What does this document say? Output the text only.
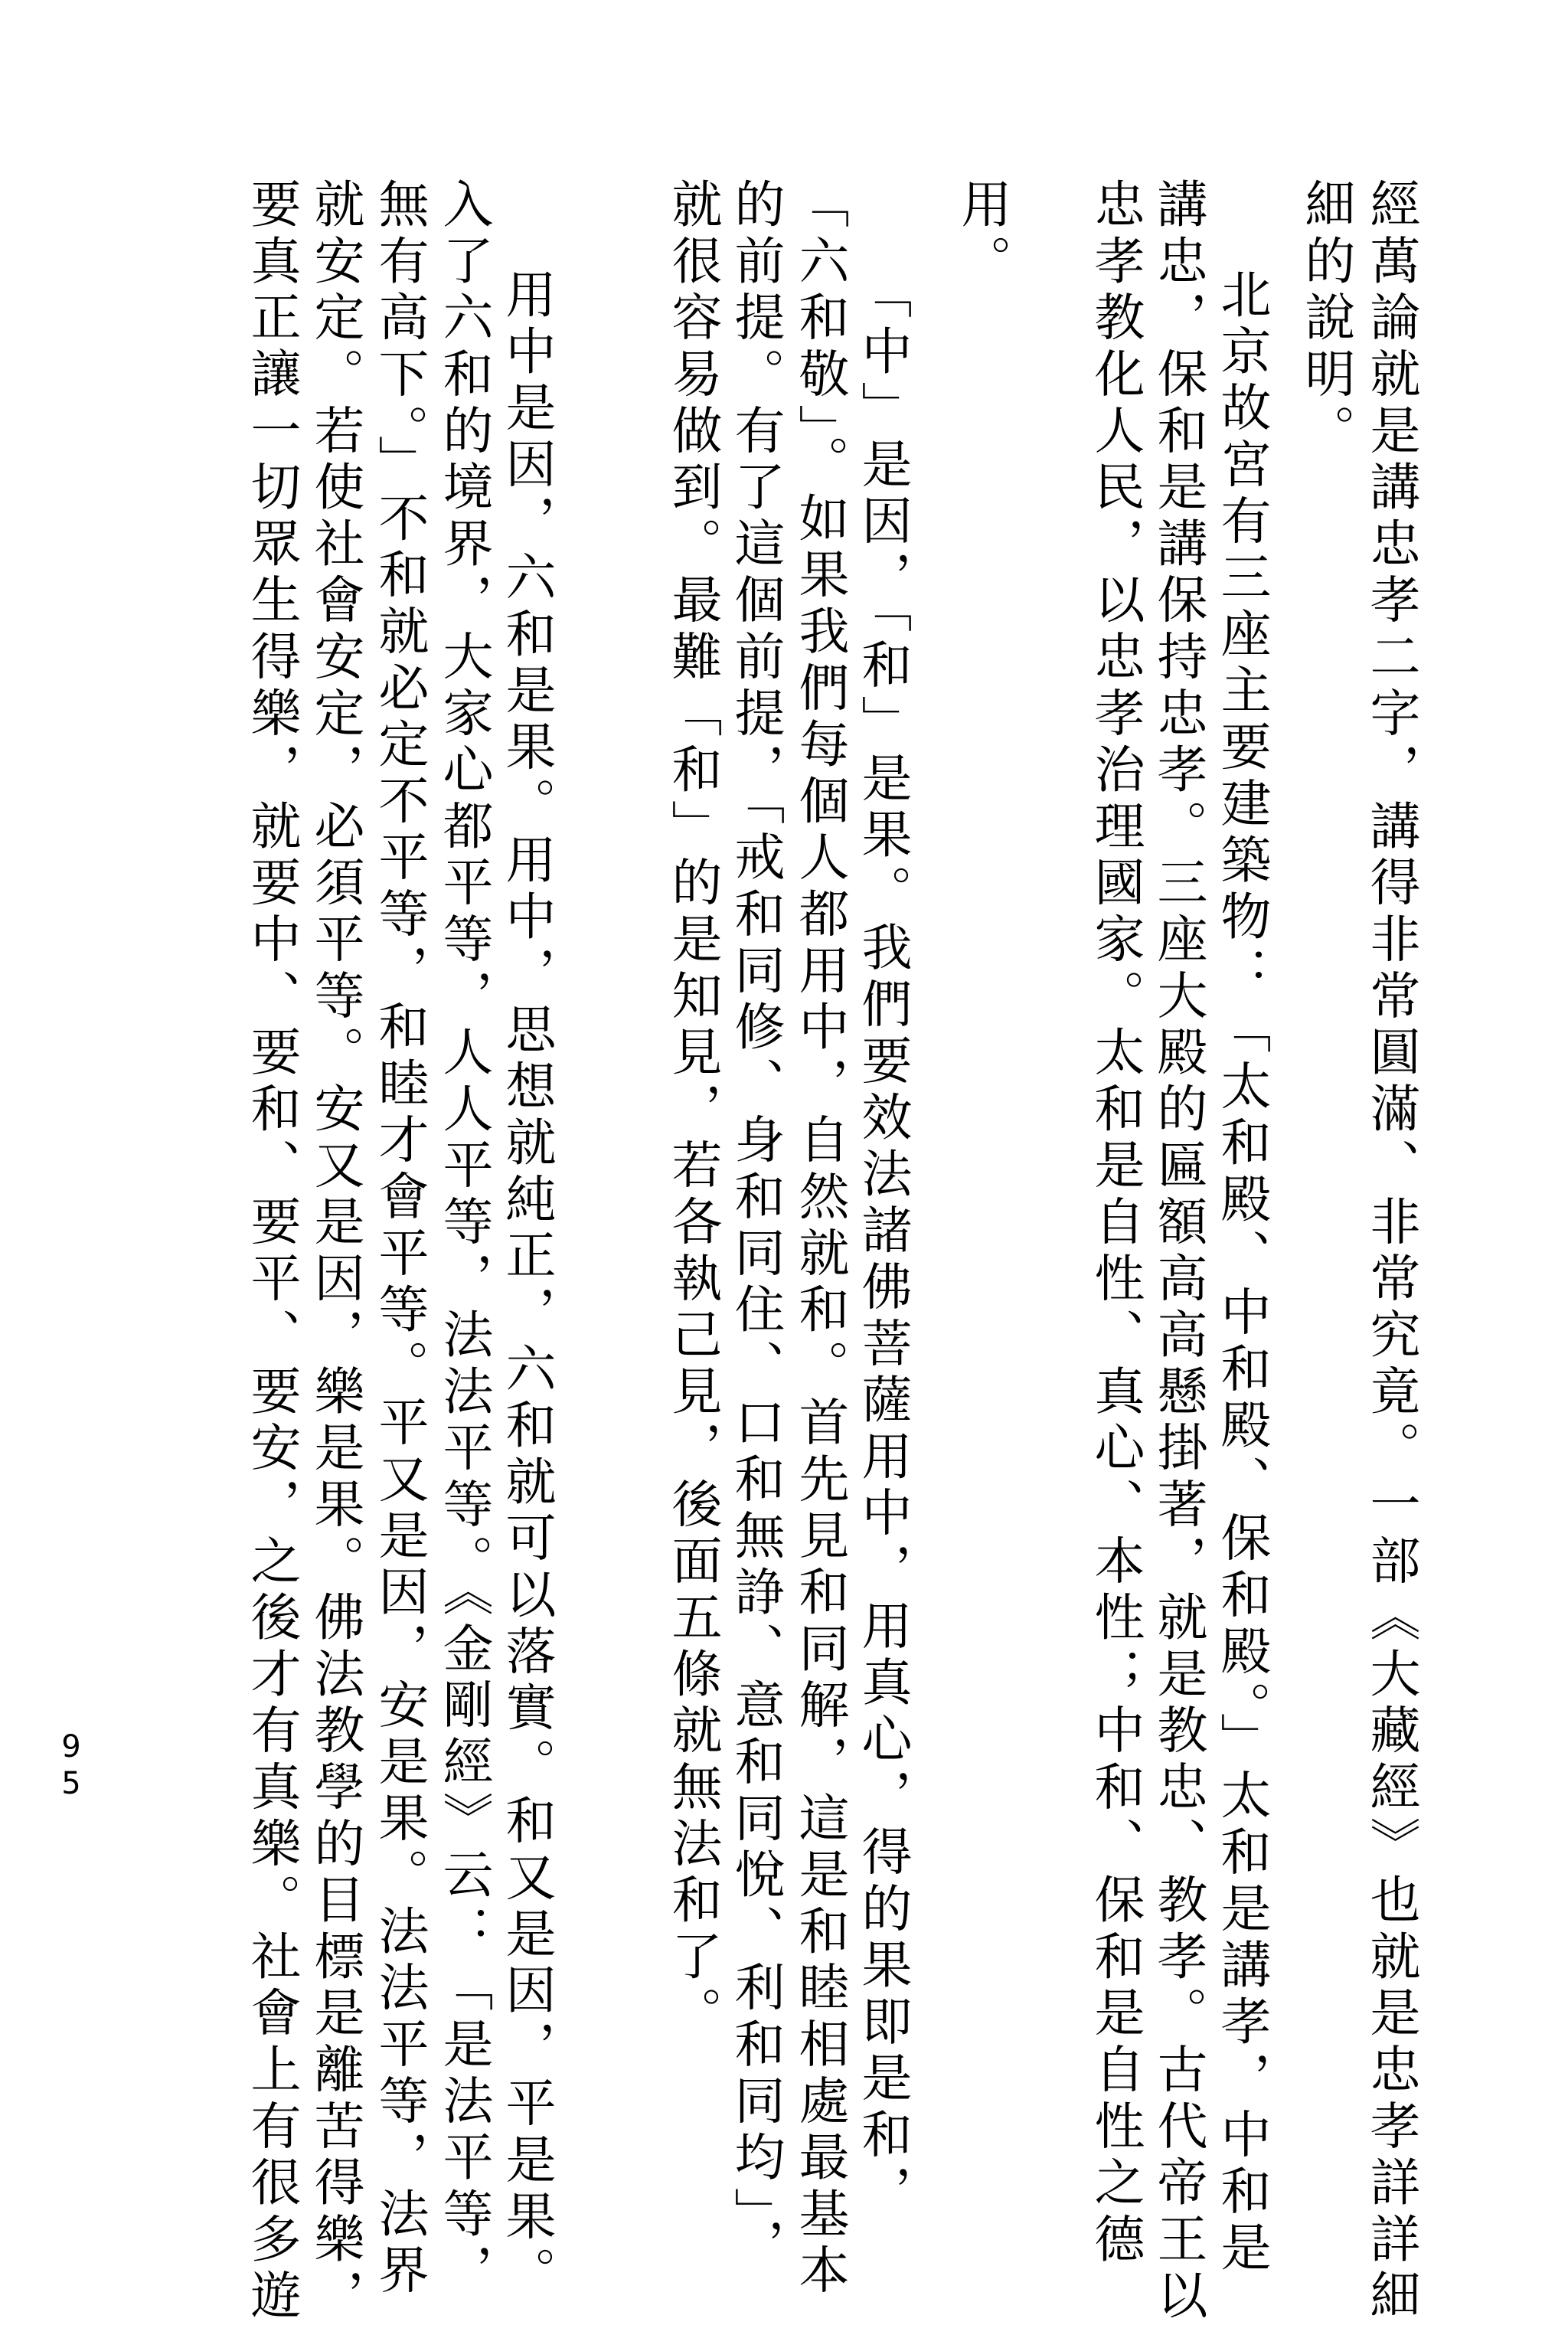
經萬論就是講忠孝二字，講得非常圓滿、非常究竟。一部《大藏經》也就是忠孝詳詳細
細的說明。
北京故宮有三座主要建築物：「太和殿、中和殿、保和殿。」太和是講孝，中和是
講忠，保和是講保持忠孝。三座大殿的匾額高高懸掛著，就是教忠、教孝。古代帝王以
忠孝教化人民，以忠孝治理國家。太和是自性、真心、本性；中和、保和是自性之德
用。
「中」是因，「和」是果。我們要效法諸佛菩薩用中，用真心，得的果即是和，
「六和敬」。如果我們每個人都用中，自然就和。首先見和同解，這是和睦相處最基本
的前提。有了這個前提，「戒和同修、身和同住、口和無諍、意和同悅、利和同均」，
就很容易做到。最難「和」的是知見，若各執己見，後面五條就無法和了。
用中是因，六和是果。用中，思想就純正，六和就可以落實。和又是因，平是果。
入了六和的境界，大家心都平等，人人平等，法法平等。《金剛經》云：「是法平等，
無有高下。」不和就必定不平等，和睦才會平等。平又是因，安是果。法法平等，法界
就安定。若使社會安定，必須平等。安又是因，樂是果。佛法教學的目標是離苦得樂，
要真正讓一切眾生得樂，就要中、要和、要平、要安，之後才有真樂。社會上有很多遊
95
